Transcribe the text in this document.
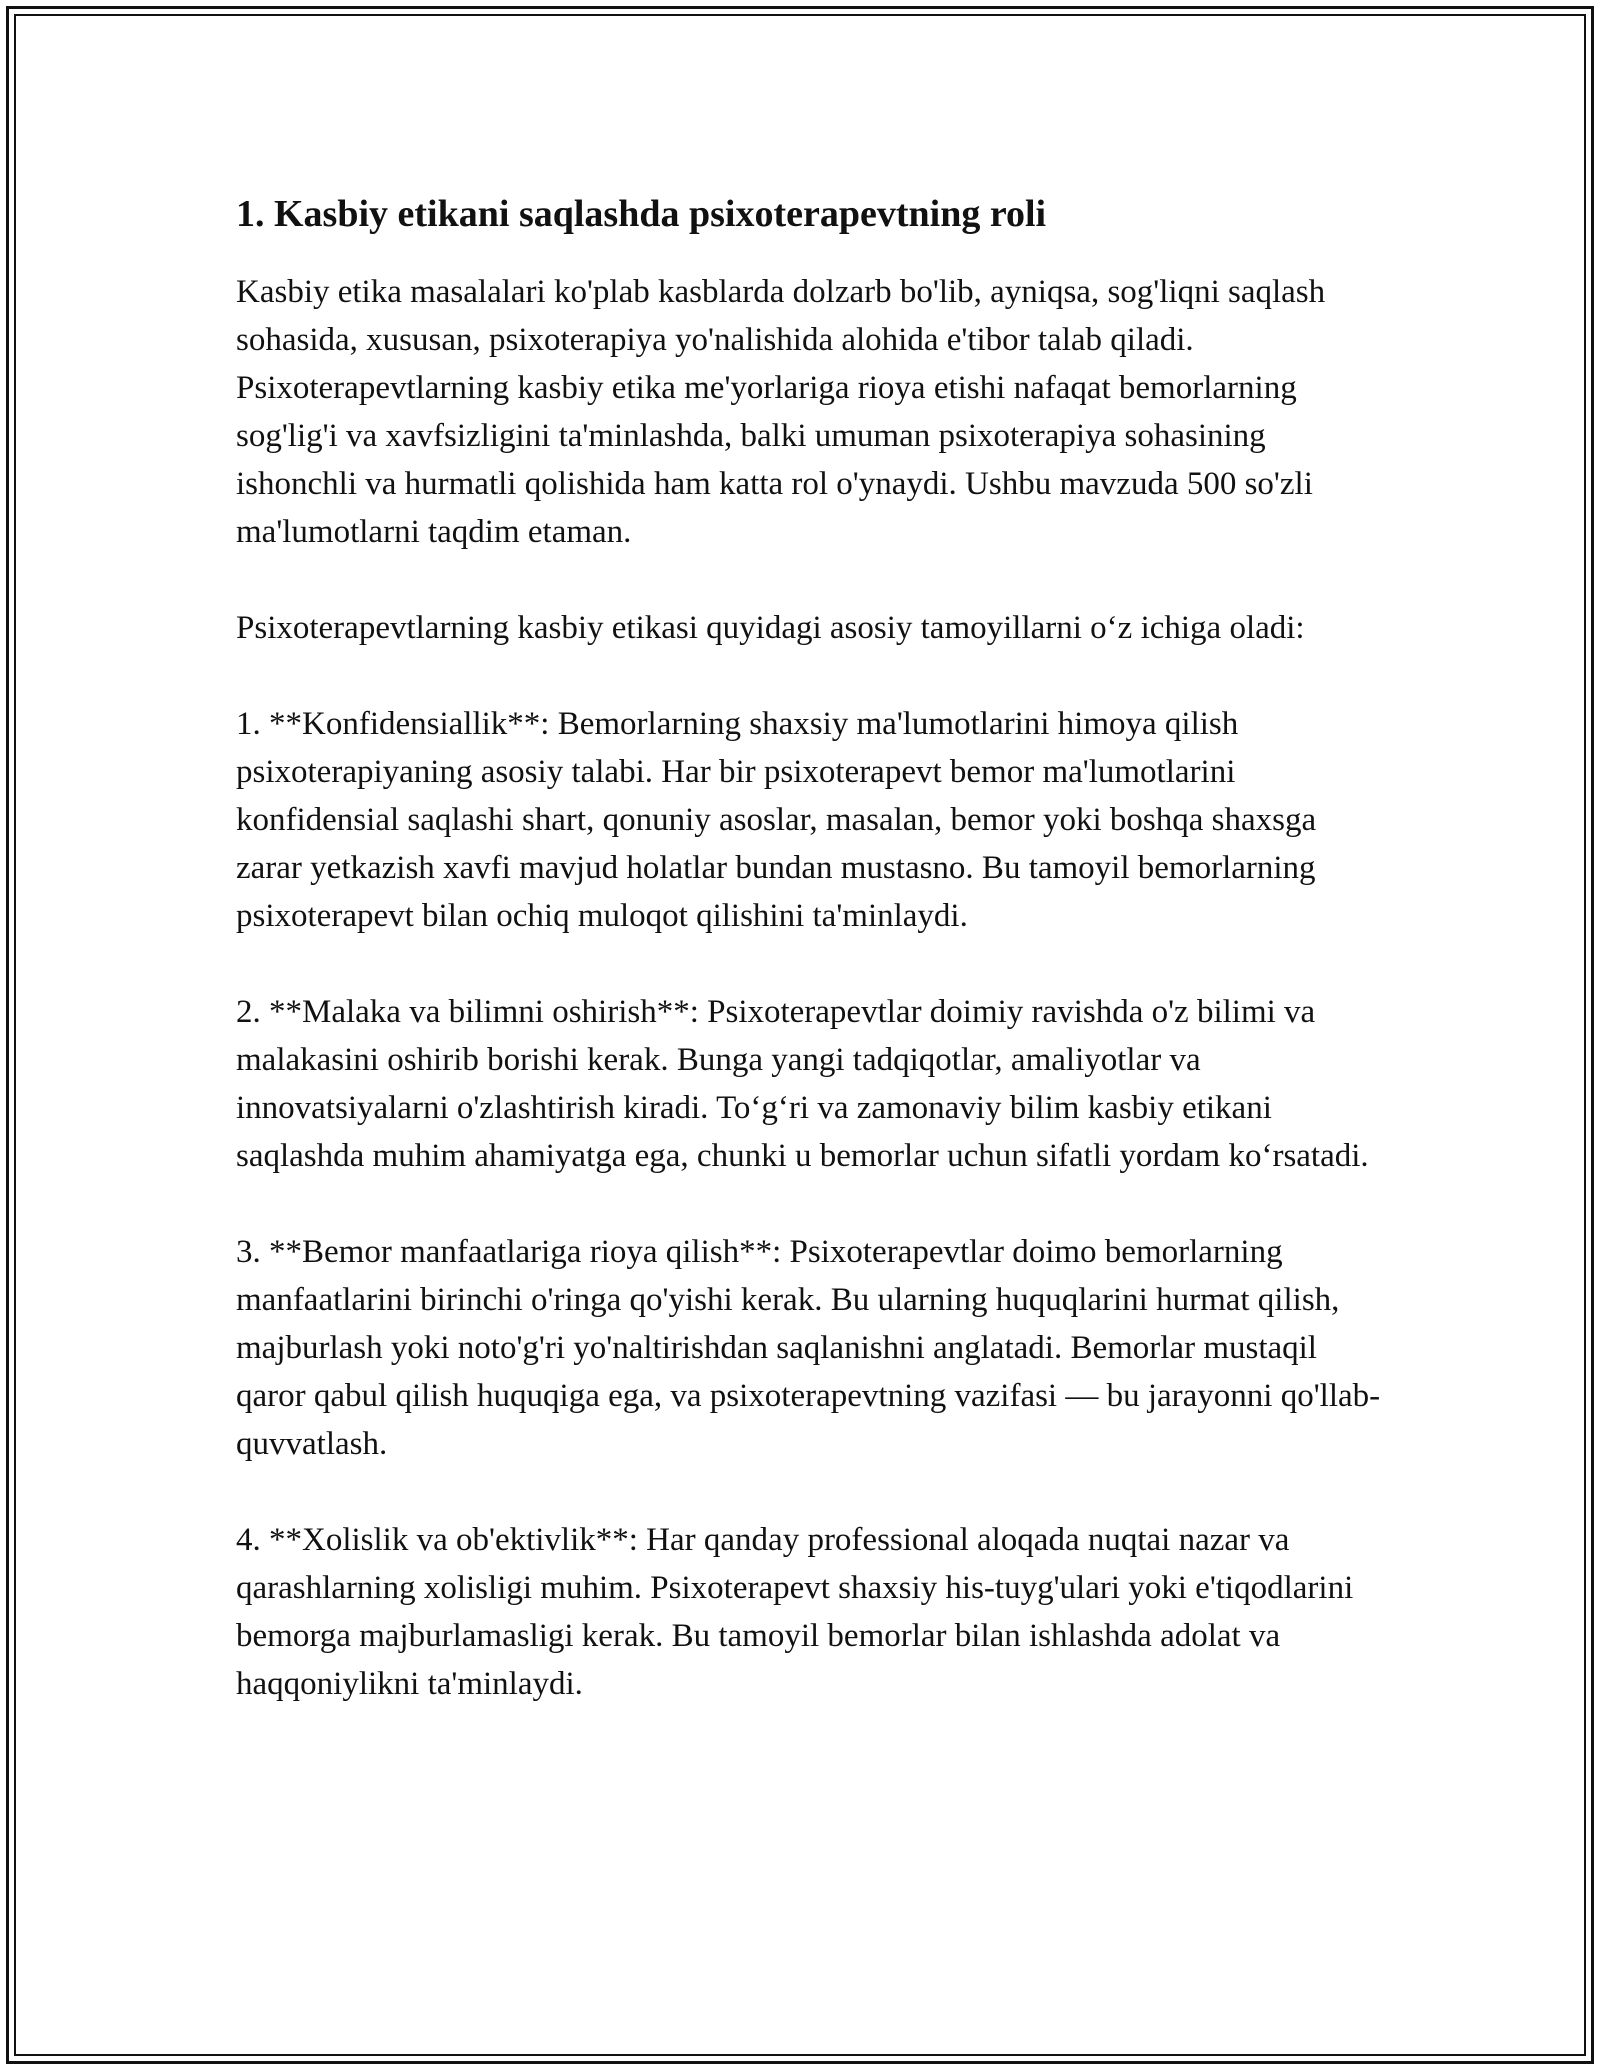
1. Kasbiy etikani saqlashda psixoterapevtning roli

Kasbiy etika masalalari ko'plab kasblarda dolzarb bo'lib, ayniqsa, sog'liqni saqlash sohasida, xususan, psixoterapiya yo'nalishida alohida e'tibor talab qiladi. Psixoterapevtlarning kasbiy etika me'yorlariga rioya etishi nafaqat bemorlarning sog'lig'i va xavfsizligini ta'minlashda, balki umuman psixoterapiya sohasining ishonchli va hurmatli qolishida ham katta rol o'ynaydi. Ushbu mavzuda 500 so'zli ma'lumotlarni taqdim etaman.

Psixoterapevtlarning kasbiy etikasi quyidagi asosiy tamoyillarni o‘z ichiga oladi:

1. **Konfidensiallik**: Bemorlarning shaxsiy ma'lumotlarini himoya qilish psixoterapiyaning asosiy talabi. Har bir psixoterapevt bemor ma'lumotlarini konfidensial saqlashi shart, qonuniy asoslar, masalan, bemor yoki boshqa shaxsga zarar yetkazish xavfi mavjud holatlar bundan mustasno. Bu tamoyil bemorlarning psixoterapevt bilan ochiq muloqot qilishini ta'minlaydi.

2. **Malaka va bilimni oshirish**: Psixoterapevtlar doimiy ravishda o'z bilimi va malakasini oshirib borishi kerak. Bunga yangi tadqiqotlar, amaliyotlar va innovatsiyalarni o'zlashtirish kiradi. To‘g‘ri va zamonaviy bilim kasbiy etikani saqlashda muhim ahamiyatga ega, chunki u bemorlar uchun sifatli yordam ko‘rsatadi.

3. **Bemor manfaatlariga rioya qilish**: Psixoterapevtlar doimo bemorlarning manfaatlarini birinchi o'ringa qo'yishi kerak. Bu ularning huquqlarini hurmat qilish, majburlash yoki noto'g'ri yo'naltirishdan saqlanishni anglatadi. Bemorlar mustaqil qaror qabul qilish huquqiga ega, va psixoterapevtning vazifasi — bu jarayonni qo'llab-quvvatlash.

4. **Xolislik va ob'ektivlik**: Har qanday professional aloqada nuqtai nazar va qarashlarning xolisligi muhim. Psixoterapevt shaxsiy his-tuyg'ulari yoki e'tiqodlarini bemorga majburlamasligi kerak. Bu tamoyil bemorlar bilan ishlashda adolat va haqqoniylikni ta'minlaydi.
